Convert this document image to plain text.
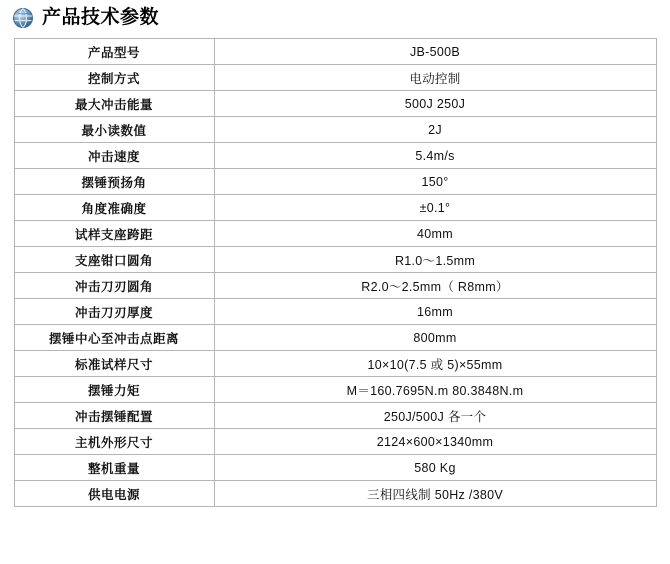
产品技术参数
产品型号	JB-500B
控制方式	电动控制
最大冲击能量	500J 250J
最小读数值	2J
冲击速度	5.4m/s
摆锤预扬角	150°
角度准确度	±0.1°
试样支座跨距	40mm
支座钳口圆角	R1.0～1.5mm
冲击刀刃圆角	R2.0～2.5mm（ R8mm）
冲击刀刃厚度	16mm
摆锤中心至冲击点距离	800mm
标准试样尺寸	10×10(7.5 或 5)×55mm
摆锤力矩	M＝160.7695N.m 80.3848N.m
冲击摆锤配置	250J/500J 各一个
主机外形尺寸	2124×600×1340mm
整机重量	580 Kg
供电电源	三相四线制 50Hz /380V
